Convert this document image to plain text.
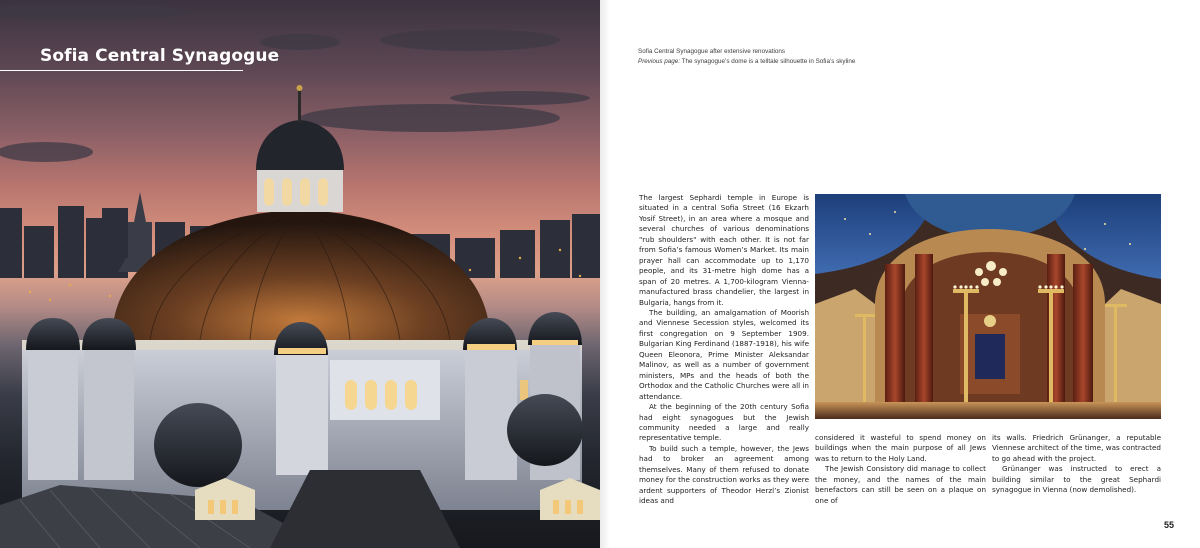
Sofia Central Synagogue	Sofia Central Synagogue after extensive renovations

Previous page: The synagogue’s dome is a telltale silhouette in Sofia’s skyline

The largest Sephardi temple in Europe is situated in a central Sofia Street (16 Ekzarh Yosif Street), in an area where a mosque and several churches of various denominations "rub shoulders" with each other. It is not far from Sofia’s famous Women’s Market. Its main prayer hall can accommodate up to 1,170 people, and its 31-metre high dome has a span of 20 metres. A 1,700-kilogram Vienna-manufactured brass chandelier, the largest in Bulgaria, hangs from it.

The building, an amalgamation of Moorish and Viennese Secession styles, welcomed its first congregation on 9 September 1909. Bulgarian King Ferdinand (1887-1918), his wife Queen Eleonora, Prime Minister Aleksandar Malinov, as well as a number of government ministers, MPs and the heads of both the Orthodox and the Catholic Churches were all in attendance.

At the beginning of the 20th century Sofia had eight synagogues but the Jewish community needed a large and really representative temple.

To build such a temple, however, the Jews had to broker an agreement among themselves. Many of them refused to donate money for the construction works as they were ardent supporters of Theodor Herzl’s Zionist ideas and

considered it wasteful to spend money on buildings when the main purpose of all Jews was to return to the Holy Land.

The Jewish Consistory did manage to collect the money, and the names of the main benefactors can still be seen on a plaque on one of

its walls. Friedrich Grünanger, a reputable Viennese architect of the time, was contracted to go ahead with the project.

Grünanger was instructed to erect a building similar to the great Sephardi synagogue in Vienna (now demolished).

55
